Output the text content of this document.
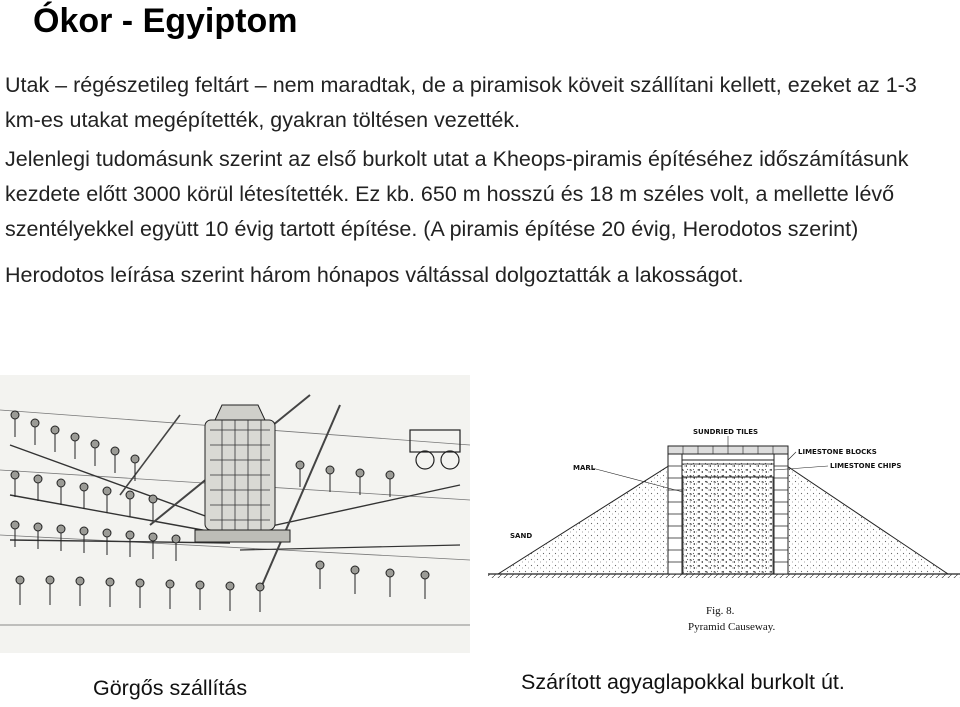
Ókor - Egyiptom

Utak – régészetileg feltárt – nem maradtak, de a piramisok köveit szállítani kellett, ezeket az 1-3 km-es utakat megépítették, gyakran töltésen vezették.

Jelenlegi tudomásunk szerint az első burkolt utat a Kheops-piramis építéséhez időszámításunk kezdete előtt 3000 körül létesítették. Ez kb. 650 m hosszú és 18 m széles volt, a mellette lévő szentélyekkel együtt 10 évig tartott építése. (A piramis építése 20 évig, Herodotos szerint)

Herodotos leírása szerint három hónapos váltással dolgoztatták a lakosságot.

SUNDRIED TILES
LIMESTONE BLOCKS
LIMESTONE CHIPS
MARL
SAND
Fig. 8.
Pyramid Causeway.
Görgős szállítás	Szárított agyaglapokkal burkolt út.
